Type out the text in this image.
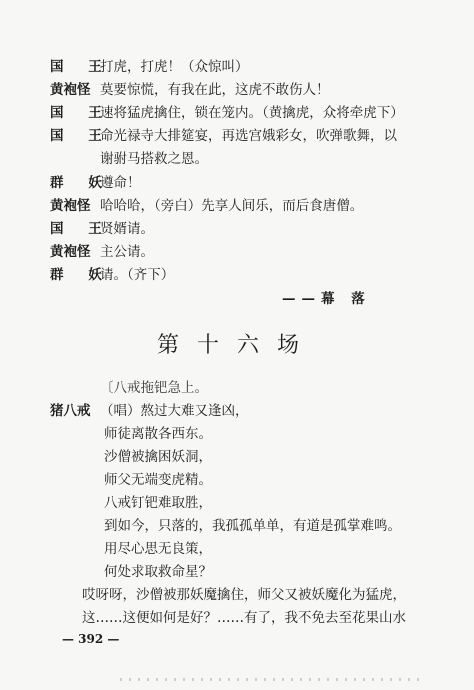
国 王打虎，打虎！（众惊叫）
黄袍怪 莫要惊慌，有我在此，这虎不敢伤人！
国 王速将猛虎擒住，锁在笼内。（黄擒虎，众将牵虎下）
国 王命光禄寺大排筵宴，再选宫娥彩女，吹弹歌舞，以
谢驸马搭救之恩。
群 妖遵命！
黄袍怪 哈哈哈，（旁白）先享人间乐，而后食唐僧。
国 王贤婿请。
黄袍怪 主公请。
群 妖请。（齐下）
——幕 落
第十六场
〔八戒拖钯急上。
猪八戒 （唱）熬过大难又逢凶，
师徒离散各西东。
沙僧被擒困妖洞，
师父无端变虎精。
八戒钉钯难取胜，
到如今，只落的，我孤孤单单，有道是孤掌难鸣。
用尽心思无良策，
何处求取救命星？
哎呀呀，沙僧被那妖魔擒住，师父又被妖魔化为猛虎，
这……这便如何是好？……有了，我不免去至花果山水
— 392 —
